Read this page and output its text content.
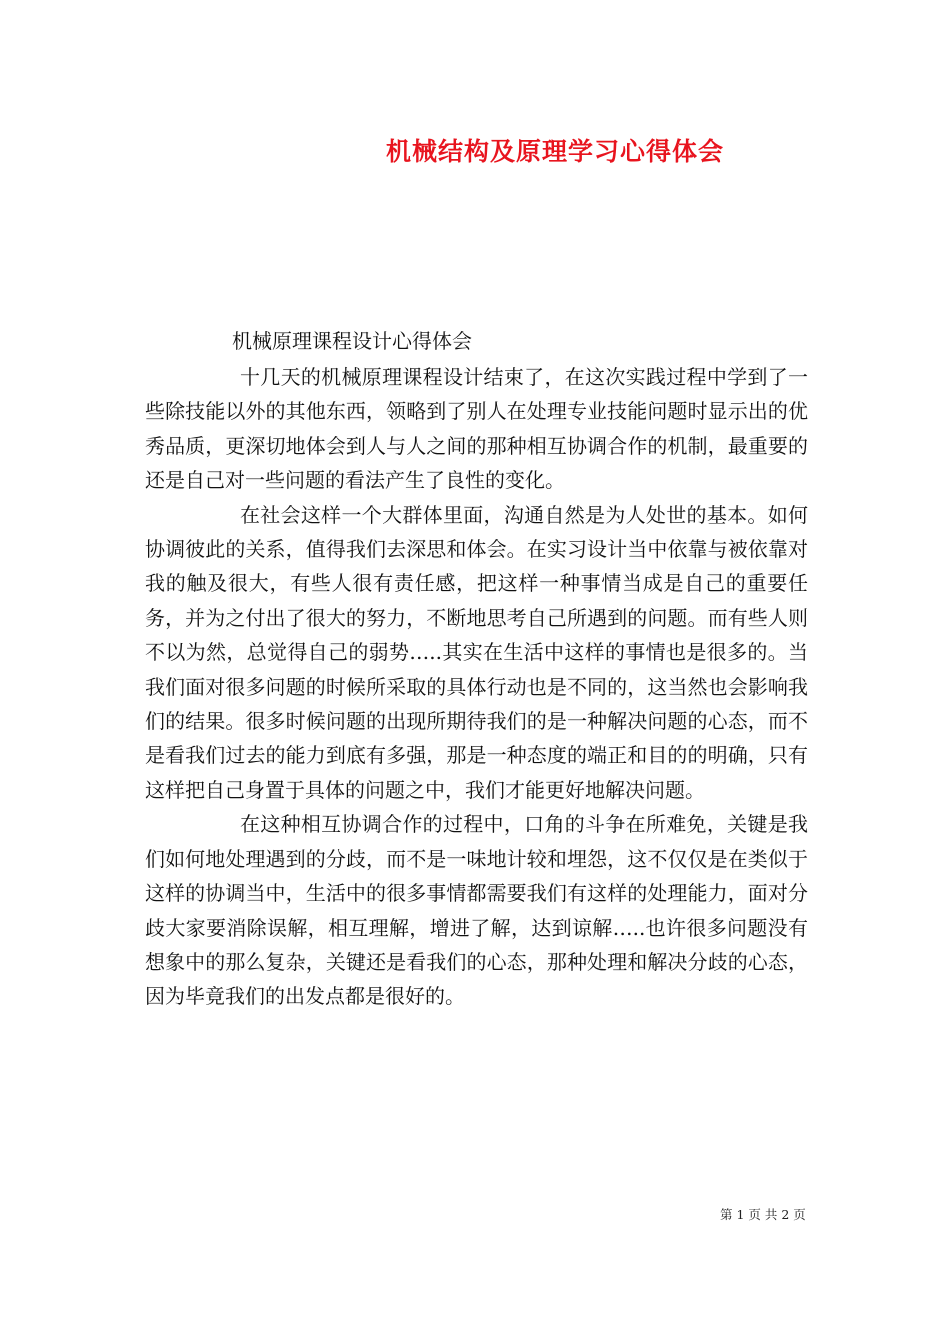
机械结构及原理学习心得体会

机械原理课程设计心得体会

十几天的机械原理课程设计结束了，在这次实践过程中学到了一些除技能以外的其他东西，领略到了别人在处理专业技能问题时显示出的优秀品质，更深切地体会到人与人之间的那种相互协调合作的机制，最重要的还是自己对一些问题的看法产生了良性的变化。

在社会这样一个大群体里面，沟通自然是为人处世的基本。如何协调彼此的关系，值得我们去深思和体会。在实习设计当中依靠与被依靠对我的触及很大，有些人很有责任感，把这样一种事情当成是自己的重要任务，并为之付出了很大的努力，不断地思考自己所遇到的问题。而有些人则不以为然，总觉得自己的弱势…..其实在生活中这样的事情也是很多的。当我们面对很多问题的时候所采取的具体行动也是不同的，这当然也会影响我们的结果。很多时候问题的出现所期待我们的是一种解决问题的心态，而不是看我们过去的能力到底有多强，那是一种态度的端正和目的的明确，只有这样把自己身置于具体的问题之中，我们才能更好地解决问题。

在这种相互协调合作的过程中，口角的斗争在所难免，关键是我们如何地处理遇到的分歧，而不是一味地计较和埋怨，这不仅仅是在类似于这样的协调当中，生活中的很多事情都需要我们有这样的处理能力，面对分歧大家要消除误解，相互理解，增进了解，达到谅解…..也许很多问题没有想象中的那么复杂，关键还是看我们的心态，那种处理和解决分歧的心态，因为毕竟我们的出发点都是很好的。

第 1 页 共 2 页
